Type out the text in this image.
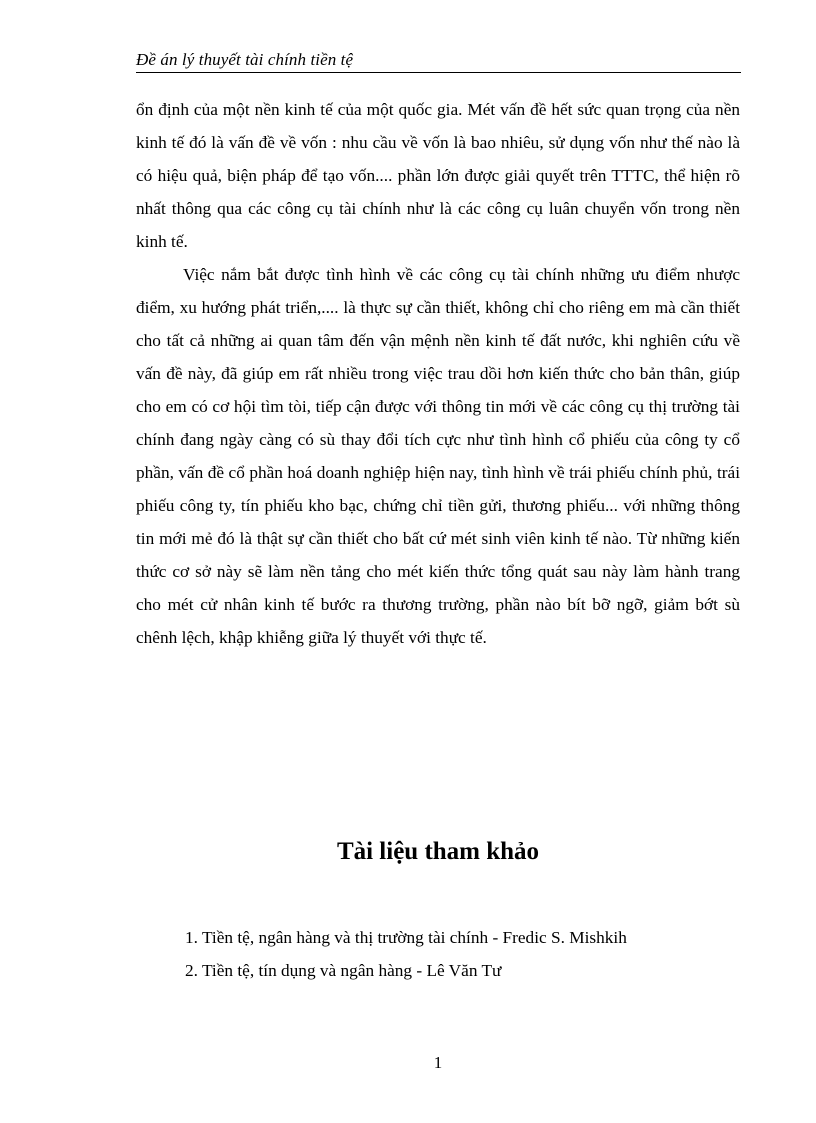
Đề án lý thuyết tài chính tiền tệ

ổn định của một nền kinh tế của một quốc gia. Mét vấn đề hết sức quan trọng của nền kinh tế đó là vấn đề về vốn : nhu cầu về vốn là bao nhiêu, sử dụng vốn như thế nào là có hiệu quả, biện pháp để tạo vốn.... phần lớn được giải quyết trên TTTC, thể hiện rõ nhất thông qua các công cụ tài chính như là các công cụ luân chuyển vốn trong nền kinh tế.

Việc nắm bắt được tình hình về các công cụ tài chính những ưu điểm nhược điểm, xu hướng phát triển,.... là thực sự cần thiết, không chỉ cho riêng em mà cần thiết cho tất cả những ai quan tâm đến vận mệnh nền kinh tế đất nước, khi nghiên cứu về vấn đề này, đã giúp em rất nhiều trong việc trau dồi hơn kiến thức cho bản thân, giúp cho em có cơ hội tìm tòi, tiếp cận được với thông tin mới về các công cụ thị trường tài chính đang ngày càng có sù thay đổi tích cực như tình hình cổ phiếu của công ty cổ phần, vấn đề cổ phần hoá doanh nghiệp hiện nay, tình hình về trái phiếu chính phủ, trái phiếu công ty, tín phiếu kho bạc, chứng chỉ tiền gửi, thương phiếu... với những thông tin mới mẻ đó là thật sự cần thiết cho bất cứ mét sinh viên kinh tế nào. Từ những kiến thức cơ sở này sẽ làm nền tảng cho mét kiến thức tổng quát sau này làm hành trang cho mét cử nhân kinh tế bước ra thương trường, phần nào bít bỡ ngỡ, giảm bớt sù chênh lệch, khập khiễng giữa lý thuyết với thực tế.

Tài liệu tham khảo
1. Tiền tệ, ngân hàng và thị trường tài chính - Fredic S. Mishkih
2. Tiền tệ, tín dụng và ngân hàng - Lê Văn Tư
1
